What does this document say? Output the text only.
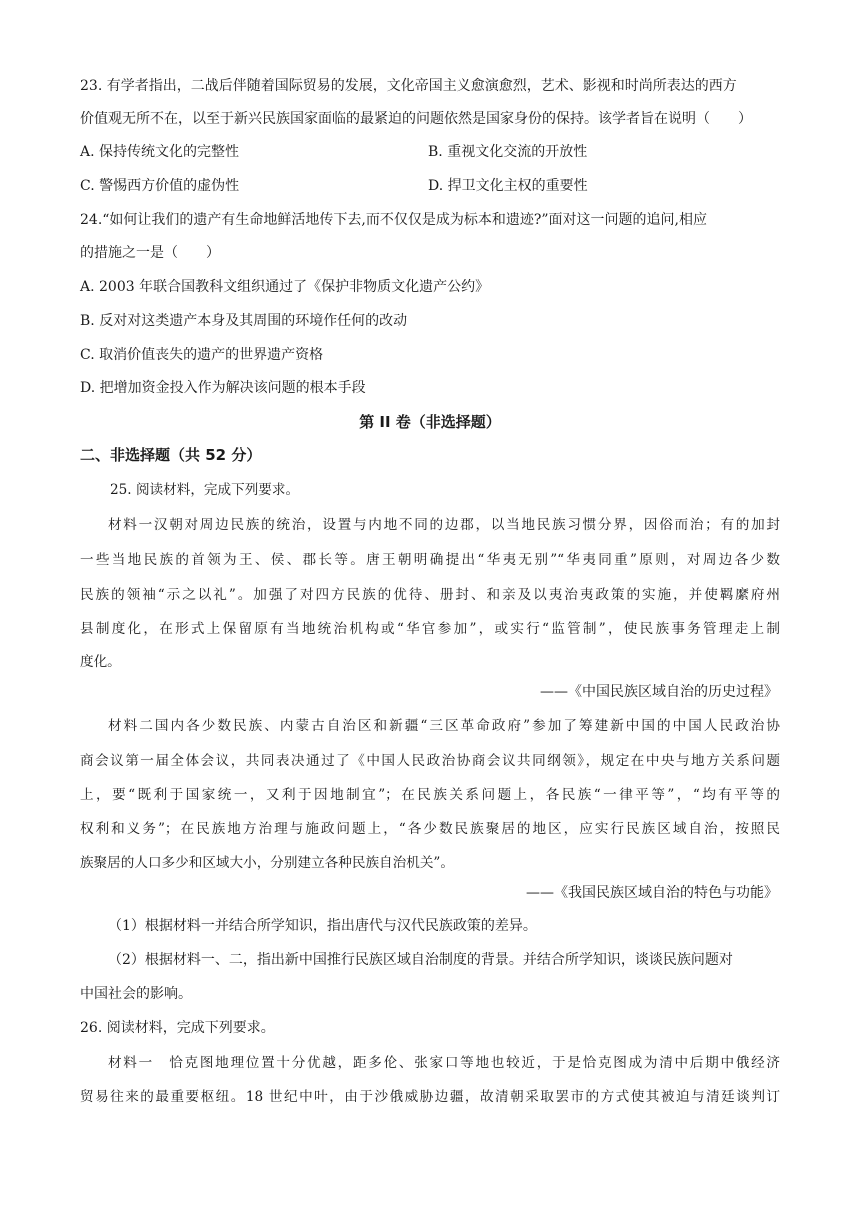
23. 有学者指出，二战后伴随着国际贸易的发展，文化帝国主义愈演愈烈，艺术、影视和时尚所表达的西方
价值观无所不在，以至于新兴民族国家面临的最紧迫的问题依然是国家身份的保持。该学者旨在说明（　　）
A. 保持传统文化的完整性	B. 重视文化交流的开放性
C. 警惕西方价值的虚伪性	D. 捍卫文化主权的重要性
24.“如何让我们的遗产有生命地鲜活地传下去,而不仅仅是成为标本和遗迹?”面对这一问题的追问,相应
的措施之一是（　　）
A. 2003 年联合国教科文组织通过了《保护非物质文化遗产公约》
B. 反对对这类遗产本身及其周围的环境作任何的改动
C. 取消价值丧失的遗产的世界遗产资格
D. 把增加资金投入作为解决该问题的根本手段
第 II 卷（非选择题）
二、非选择题（共 52 分）
25. 阅读材料，完成下列要求。
材料一汉朝对周边民族的统治，设置与内地不同的边郡，以当地民族习惯分界，因俗而治；有的加封
一些当地民族的首领为王、侯、郡长等。唐王朝明确提出“华夷无别”“华夷同重”原则，对周边各少数
民族的领袖“示之以礼”。加强了对四方民族的优待、册封、和亲及以夷治夷政策的实施，并使羁縻府州
县制度化，在形式上保留原有当地统治机构或“华官参加”，或实行“监管制”，使民族事务管理走上制
度化。
——《中国民族区域自治的历史过程》
材料二国内各少数民族、内蒙古自治区和新疆“三区革命政府”参加了筹建新中国的中国人民政治协
商会议第一届全体会议，共同表决通过了《中国人民政治协商会议共同纲领》，规定在中央与地方关系问题
上，要“既利于国家统一，又利于因地制宜”；在民族关系问题上，各民族“一律平等”，“均有平等的
权利和义务”；在民族地方治理与施政问题上，“各少数民族聚居的地区，应实行民族区域自治，按照民
族聚居的人口多少和区域大小，分别建立各种民族自治机关”。
——《我国民族区域自治的特色与功能》
（1）根据材料一并结合所学知识，指出唐代与汉代民族政策的差异。
（2）根据材料一、二，指出新中国推行民族区域自治制度的背景。并结合所学知识，谈谈民族问题对
中国社会的影响。
26. 阅读材料，完成下列要求。
材料一　恰克图地理位置十分优越，距多伦、张家口等地也较近，于是恰克图成为清中后期中俄经济
贸易往来的最重要枢纽。18 世纪中叶，由于沙俄威胁边疆，故清朝采取罢市的方式使其被迫与清廷谈判订
